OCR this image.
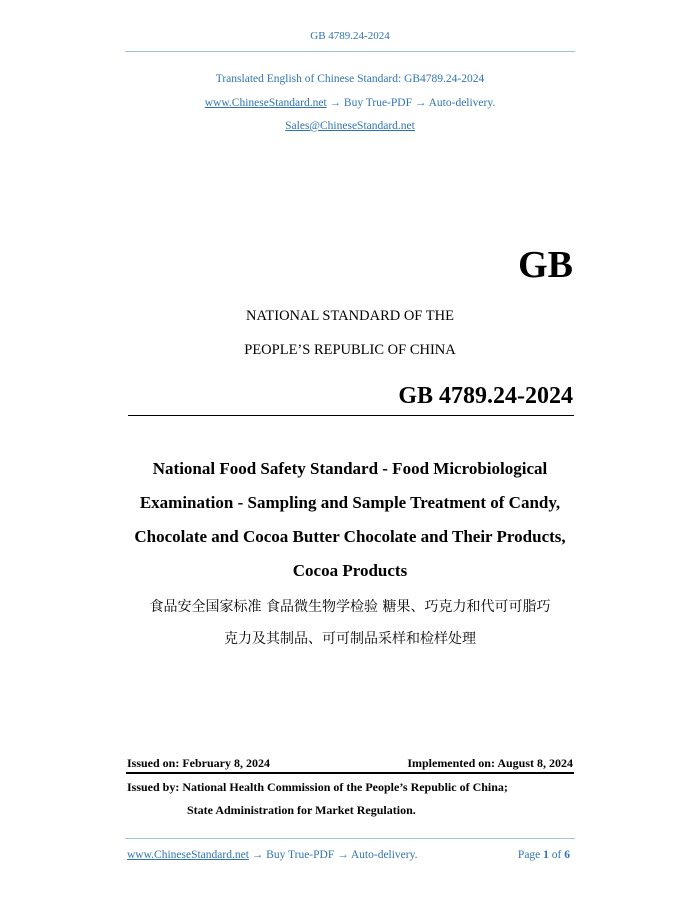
GB 4789.24-2024
Translated English of Chinese Standard: GB4789.24-2024
www.ChineseStandard.net → Buy True-PDF → Auto-delivery.
Sales@ChineseStandard.net
GB
NATIONAL STANDARD OF THE
PEOPLE’S REPUBLIC OF CHINA
GB 4789.24-2024
National Food Safety Standard - Food Microbiological
Examination - Sampling and Sample Treatment of Candy,
Chocolate and Cocoa Butter Chocolate and Their Products,
Cocoa Products
食品安全国家标准 食品微生物学检验 糖果、巧克力和代可可脂巧
克力及其制品、可可制品采样和检样处理
Issued on: February 8, 2024	Implemented on: August 8, 2024
Issued by: National Health Commission of the People’s Republic of China;
State Administration for Market Regulation.
www.ChineseStandard.net → Buy True-PDF → Auto-delivery.	Page 1 of 6
